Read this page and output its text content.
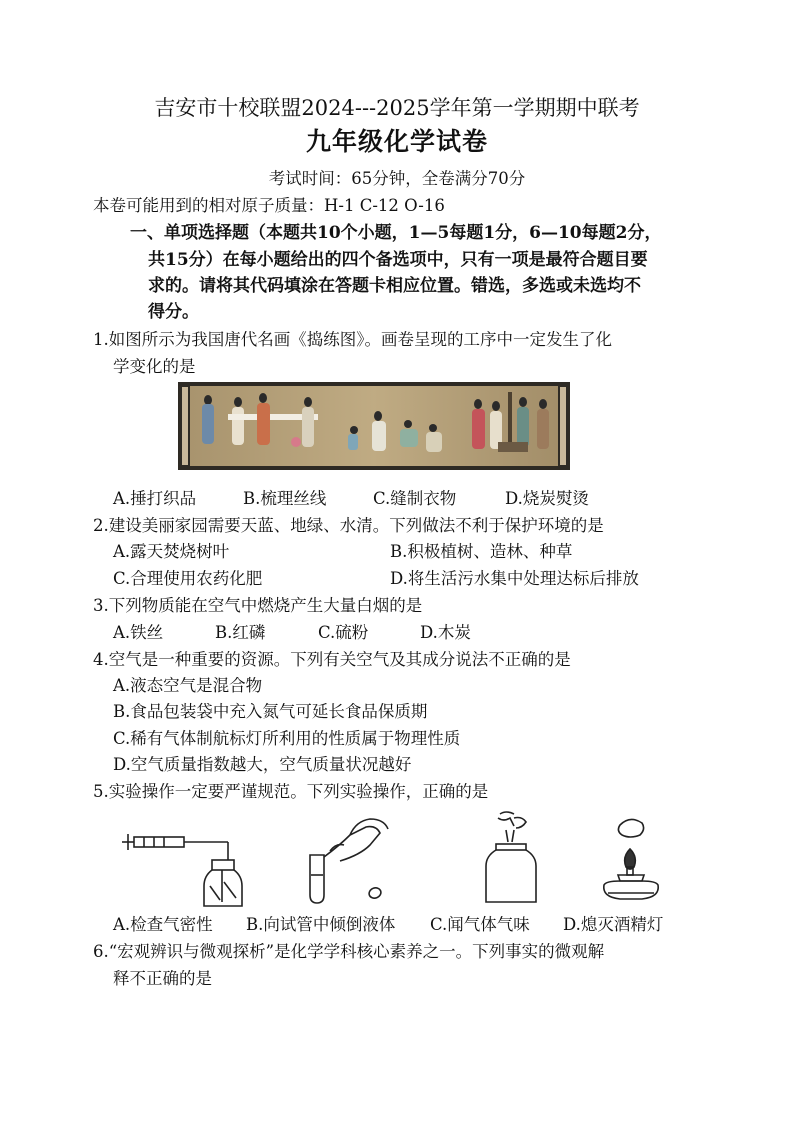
吉安市十校联盟2024---2025学年第一学期期中联考
九年级化学试卷
考试时间：65分钟，全卷满分70分
本卷可能用到的相对原子质量：H-1 C-12 O-16
一、单项选择题（本题共10个小题，1—5每题1分，6—10每题2分，
共15分）在每小题给出的四个备选项中，只有一项是最符合题目要
求的。请将其代码填涂在答题卡相应位置。错选，多选或未选均不
得分。
1.如图所示为我国唐代名画《捣练图》。画卷呈现的工序中一定发生了化
学变化的是
A.捶打织品	B.梳理丝线	C.缝制衣物	D.烧炭熨烫
2.建设美丽家园需要天蓝、地绿、水清。下列做法不利于保护环境的是
A.露天焚烧树叶	B.积极植树、造林、种草
C.合理使用农药化肥	D.将生活污水集中处理达标后排放
3.下列物质能在空气中燃烧产生大量白烟的是
A.铁丝	B.红磷	C.硫粉	D.木炭
4.空气是一种重要的资源。下列有关空气及其成分说法不正确的是
A.液态空气是混合物
B.食品包装袋中充入氮气可延长食品保质期
C.稀有气体制航标灯所利用的性质属于物理性质
D.空气质量指数越大，空气质量状况越好
5.实验操作一定要严谨规范。下列实验操作，正确的是
A.检查气密性 B.向试管中倾倒液体 C.闻气体气味 D.熄灭酒精灯
6.“宏观辨识与微观探析”是化学学科核心素养之一。下列事实的微观解
释不正确的是
